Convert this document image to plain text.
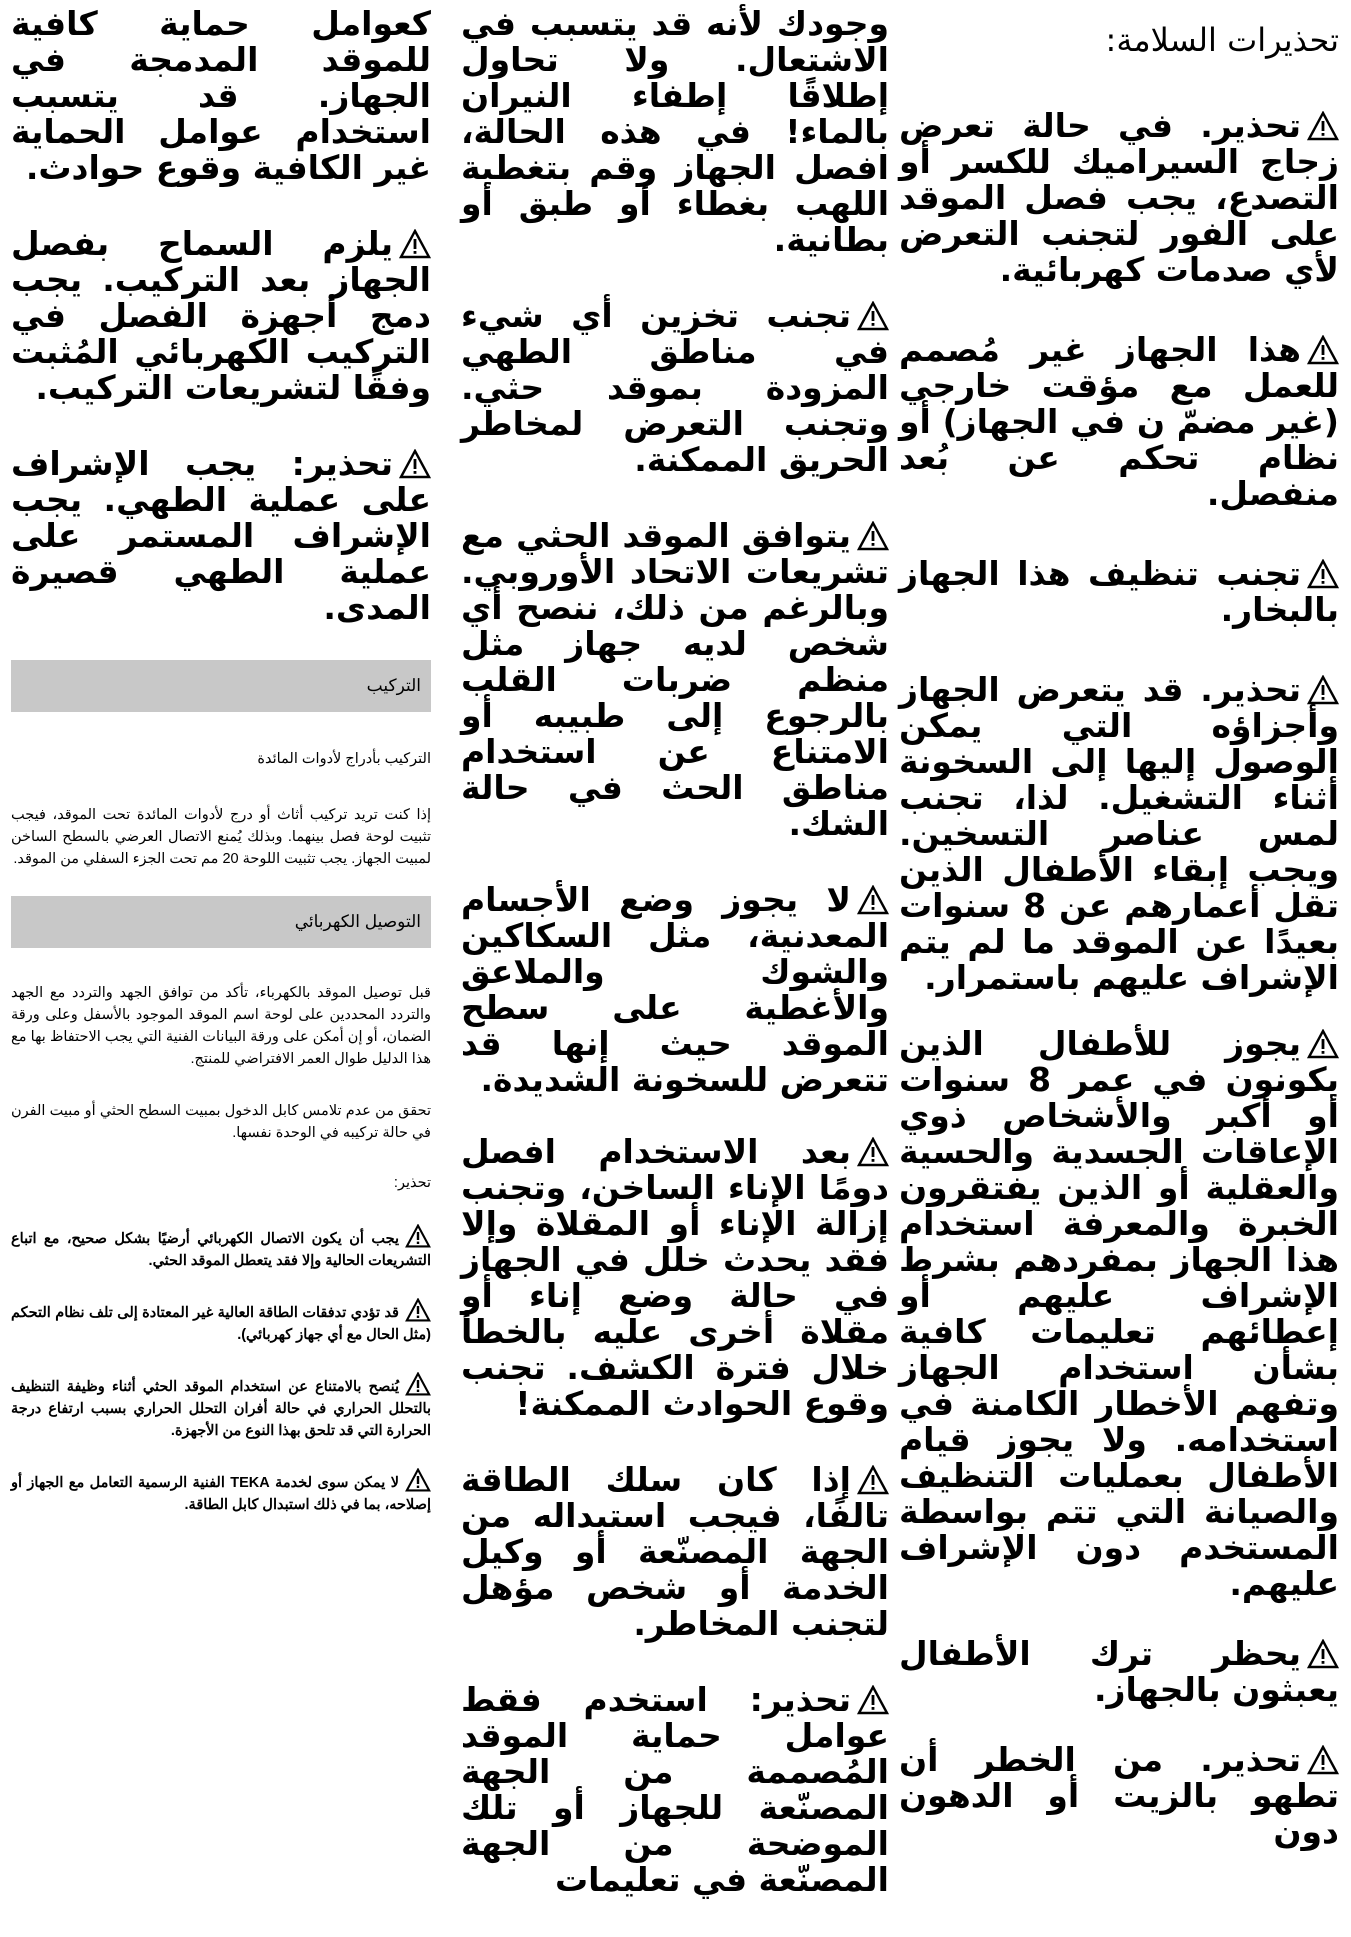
تحذيرات السلامة:

تحذير. في حالة تعرض زجاج السيراميك للكسر أو التصدع، يجب فصل الموقد على الفور لتجنب التعرض لأي صدمات كهربائية.

هذا الجهاز غير مُصمم للعمل مع مؤقت خارجي (غير مضمّ ن في الجهاز) أو نظام تحكم عن بُعد منفصل.

تجنب تنظيف هذا الجهاز بالبخار.

تحذير. قد يتعرض الجهاز وأجزاؤه التي يمكن الوصول إليها إلى السخونة أثناء التشغيل. لذا، تجنب لمس عناصر التسخين. ويجب إبقاء الأطفال الذين تقل أعمارهم عن 8 سنوات بعيدًا عن الموقد ما لم يتم الإشراف عليهم باستمرار.

يجوز للأطفال الذين يكونون في عمر 8 سنوات أو أكبر والأشخاص ذوي الإعاقات الجسدية والحسية والعقلية أو الذين يفتقرون الخبرة والمعرفة استخدام هذا الجهاز بمفردهم بشرط الإشراف عليهم أو إعطائهم تعليمات كافية بشأن استخدام الجهاز وتفهم الأخطار الكامنة في استخدامه. ولا يجوز قيام الأطفال بعمليات التنظيف والصيانة التي تتم بواسطة المستخدم دون الإشراف عليهم.

يحظر ترك الأطفال يعبثون بالجهاز.

تحذير. من الخطر أن تطهو بالزيت أو الدهون دون

وجودك لأنه قد يتسبب في الاشتعال. ولا تحاول إطلاقًا إطفاء النيران بالماء! في هذه الحالة، افصل الجهاز وقم بتغطية اللهب بغطاء أو طبق أو بطانية.

تجنب تخزين أي شيء في مناطق الطهي المزودة بموقد حثي. وتجنب التعرض لمخاطر الحريق الممكنة.

يتوافق الموقد الحثي مع تشريعات الاتحاد الأوروبي. وبالرغم من ذلك، ننصح أي شخص لديه جهاز مثل منظم ضربات القلب بالرجوع إلى طبيبه أو الامتناع عن استخدام مناطق الحث في حالة الشك.

لا يجوز وضع الأجسام المعدنية، مثل السكاكين والشوك والملاعق والأغطية على سطح الموقد حيث إنها قد تتعرض للسخونة الشديدة.

بعد الاستخدام افصل دومًا الإناء الساخن، وتجنب إزالة الإناء أو المقلاة وإلا فقد يحدث خلل في الجهاز في حالة وضع إناء أو مقلاة أخرى عليه بالخطأ خلال فترة الكشف. تجنب وقوع الحوادث الممكنة!

إذا كان سلك الطاقة تالفًا، فيجب استبداله من الجهة المصنّعة أو وكيل الخدمة أو شخص مؤهل لتجنب المخاطر.

تحذير: استخدم فقط عوامل حماية الموقد المُصممة من الجهة المصنّعة للجهاز أو تلك الموضحة من الجهة المصنّعة في تعليمات

كعوامل حماية كافية للموقد المدمجة في الجهاز. قد يتسبب استخدام عوامل الحماية غير الكافية وقوع حوادث.

يلزم السماح بفصل الجهاز بعد التركيب. يجب دمج أجهزة الفصل في التركيب الكهربائي المُثبت وفقًا لتشريعات التركيب.

تحذير: يجب الإشراف على عملية الطهي. يجب الإشراف المستمر على عملية الطهي قصيرة المدى.

التركيب

التركيب بأدراج لأدوات المائدة

إذا كنت تريد تركيب أثاث أو درج لأدوات المائدة تحت الموقد، فيجب تثبيت لوحة فصل بينهما. وبذلك يُمنع الاتصال العرضي بالسطح الساخن لمبيت الجهاز. يجب تثبيت اللوحة 20 مم تحت الجزء السفلي من الموقد.

التوصيل الكهربائي

قبل توصيل الموقد بالكهرباء، تأكد من توافق الجهد والتردد مع الجهد والتردد المحددين على لوحة اسم الموقد الموجود بالأسفل وعلى ورقة الضمان، أو إن أمكن على ورقة البيانات الفنية التي يجب الاحتفاظ بها مع هذا الدليل طوال العمر الافتراضي للمنتج.

تحقق من عدم تلامس كابل الدخول بمبيت السطح الحثي أو مبيت الفرن في حالة تركيبه في الوحدة نفسها.

تحذير:

يجب أن يكون الاتصال الكهربائي أرضيًا بشكل صحيح، مع اتباع التشريعات الحالية وإلا فقد يتعطل الموقد الحثي.

قد تؤدي تدفقات الطاقة العالية غير المعتادة إلى تلف نظام التحكم (مثل الحال مع أي جهاز كهربائي).

يُنصح بالامتناع عن استخدام الموقد الحثي أثناء وظيفة التنظيف بالتحلل الحراري في حالة أفران التحلل الحراري بسبب ارتفاع درجة الحرارة التي قد تلحق بهذا النوع من الأجهزة.

لا يمكن سوى لخدمة TEKA الفنية الرسمية التعامل مع الجهاز أو إصلاحه، بما في ذلك استبدال كابل الطاقة.
